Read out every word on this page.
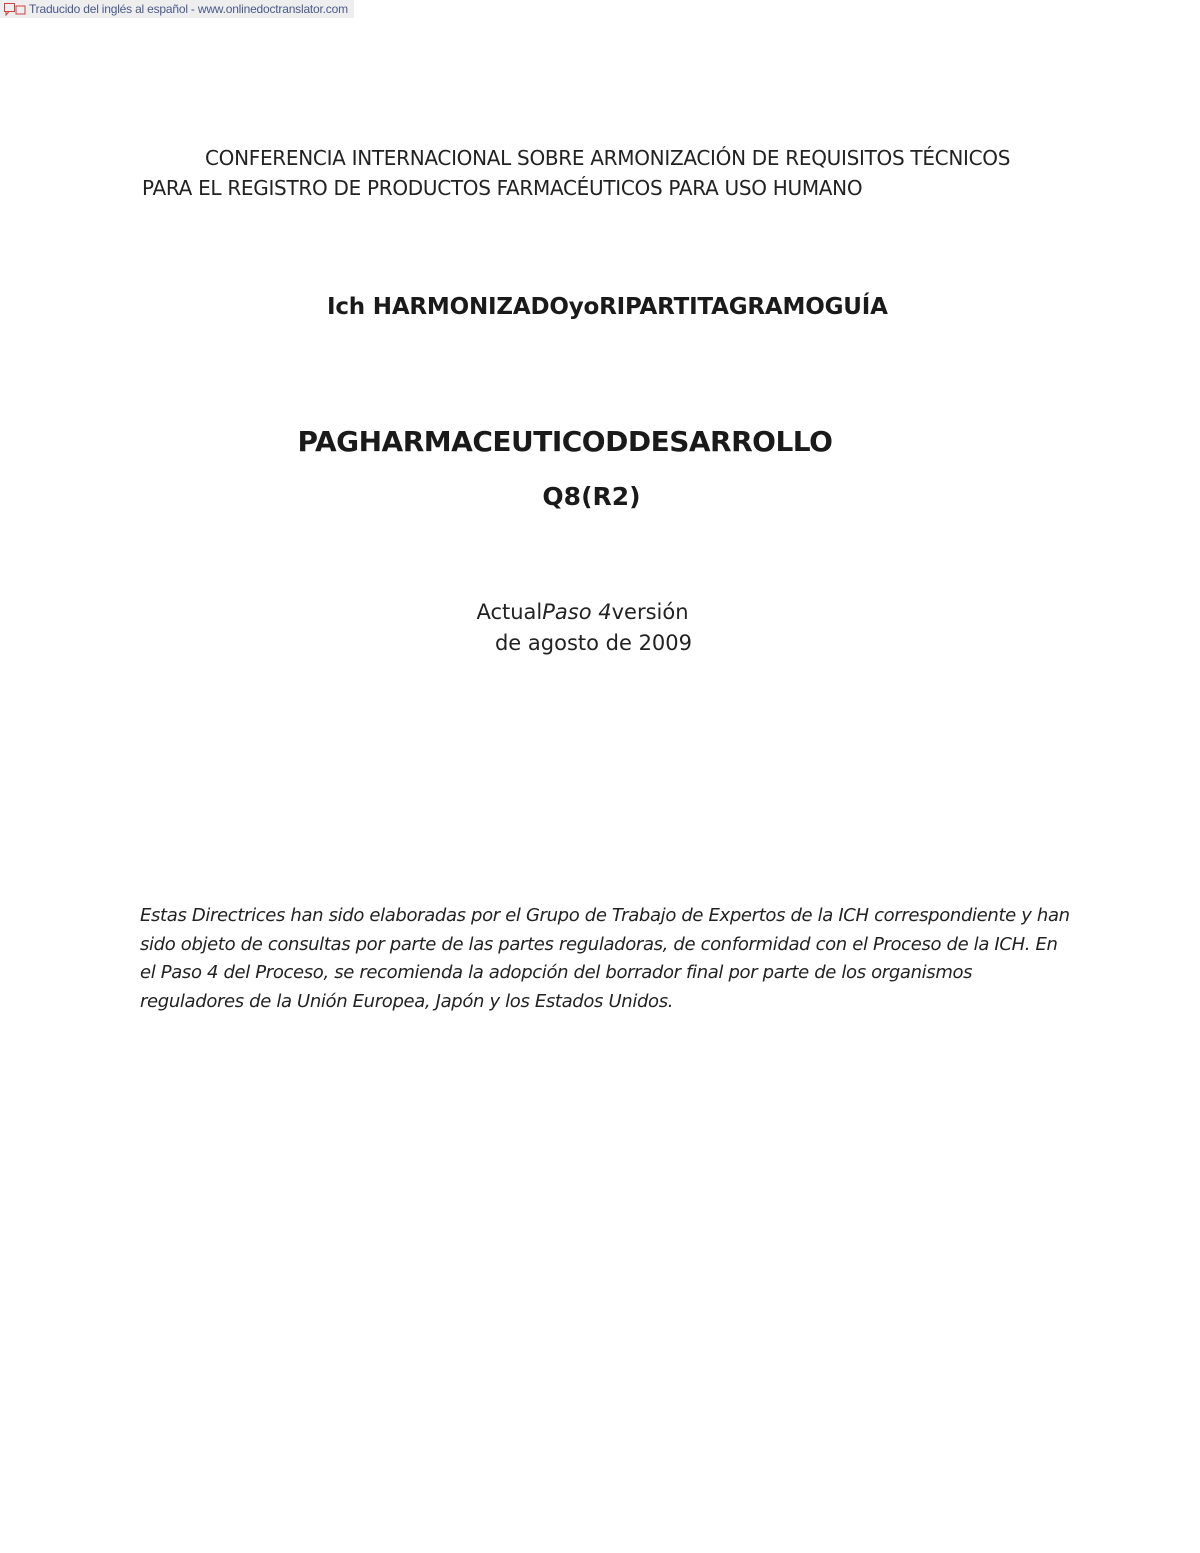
Traducido del inglés al español - www.onlinedoctranslator.com
CONFERENCIA INTERNACIONAL SOBRE ARMONIZACIÓN DE REQUISITOS TÉCNICOS
PARA EL REGISTRO DE PRODUCTOS FARMACÉUTICOS PARA USO HUMANO
Ich HARMONIZADOyoRIPARTITAGRAMOGUÍA
PAGHARMACEUTICODDESARROLLO
Q8(R2)
ActualPaso 4versión
de agosto de 2009
Estas Directrices han sido elaboradas por el Grupo de Trabajo de Expertos de la ICH correspondiente y han sido objeto de consultas por parte de las partes reguladoras, de conformidad con el Proceso de la ICH. En el Paso 4 del Proceso, se recomienda la adopción del borrador final por parte de los organismos reguladores de la Unión Europea, Japón y los Estados Unidos.
